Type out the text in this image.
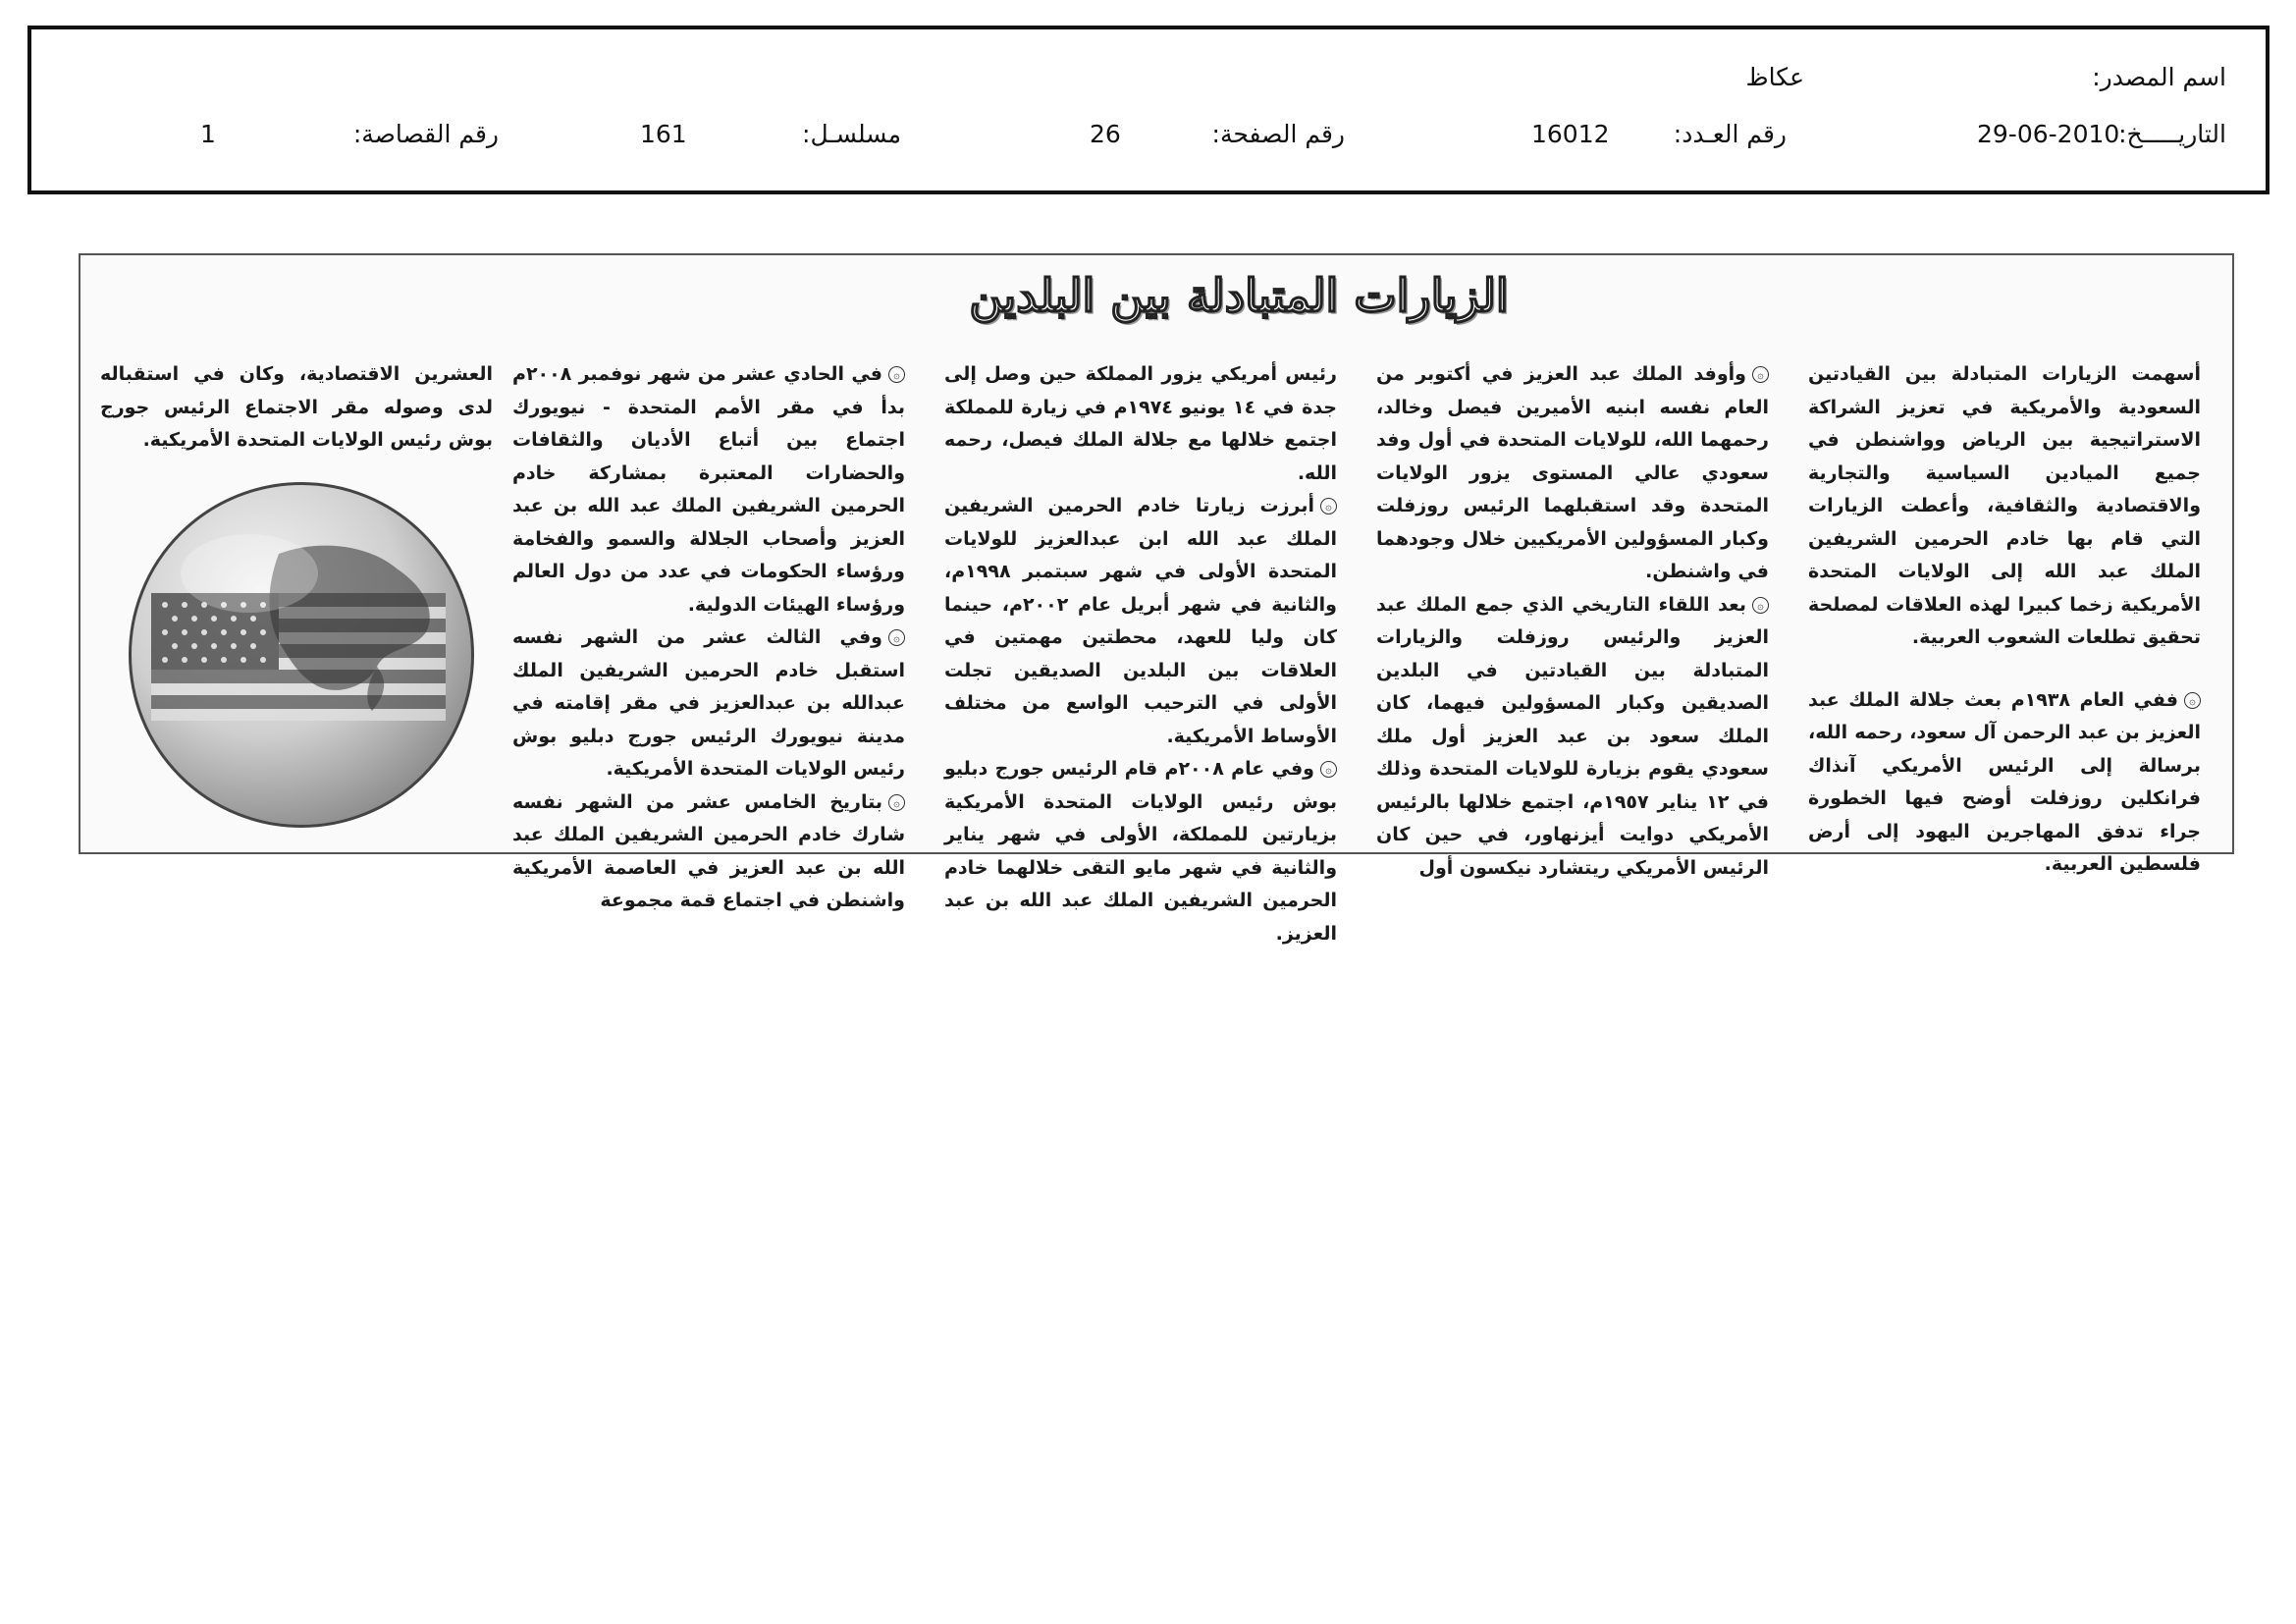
اسم المصدر:
عكاظ
التاريـــــخ:
29-06-2010
رقم العـدد:
16012
رقم الصفحة:
26
مسلسـل:
161
رقم القصاصة:
1
الزيارات المتبادلة بين البلدين

أسهمت الزيارات المتبادلة بين القيادتين السعودية والأمريكية في تعزيز الشراكة الاستراتيجية بين الرياض وواشنطن في جميع الميادين السياسية والتجارية والاقتصادية والثقافية، وأعطت الزيارات التي قام بها خادم الحرمين الشريفين الملك عبد الله إلى الولايات المتحدة الأمريكية زخما كبيرا لهذه العلاقات لمصلحة تحقيق تطلعات الشعوب العربية.

۞ففي العام ١٩٣٨م بعث جلالة الملك عبد العزيز بن عبد الرحمن آل سعود، رحمه الله، برسالة إلى الرئيس الأمريكي آنذاك فرانكلين روزفلت أوضح فيها الخطورة جراء تدفق المهاجرين اليهود إلى أرض فلسطين العربية.

۞وأوفد الملك عبد العزيز في أكتوبر من العام نفسه ابنيه الأميرين فيصل وخالد، رحمهما الله، للولايات المتحدة في أول وفد سعودي عالي المستوى يزور الولايات المتحدة وقد استقبلهما الرئيس روزفلت وكبار المسؤولين الأمريكيين خلال وجودهما في واشنطن.

۞بعد اللقاء التاريخي الذي جمع الملك عبد العزيز والرئيس روزفلت والزيارات المتبادلة بين القيادتين في البلدين الصديقين وكبار المسؤولين فيهما، كان الملك سعود بن عبد العزيز أول ملك سعودي يقوم بزيارة للولايات المتحدة وذلك في ١٢ يناير ١٩٥٧م، اجتمع خلالها بالرئيس الأمريكي دوايت أيزنهاور، في حين كان الرئيس الأمريكي ريتشارد نيكسون أول

رئيس أمريكي يزور المملكة حين وصل إلى جدة في ١٤ يونيو ١٩٧٤م في زيارة للمملكة اجتمع خلالها مع جلالة الملك فيصل، رحمه الله.

۞أبرزت زيارتا خادم الحرمين الشريفين الملك عبد الله ابن عبدالعزيز للولايات المتحدة الأولى في شهر سبتمبر ١٩٩٨م، والثانية في شهر أبريل عام ٢٠٠٢م، حينما كان وليا للعهد، محطتين مهمتين في العلاقات بين البلدين الصديقين تجلت الأولى في الترحيب الواسع من مختلف الأوساط الأمريكية.

۞وفي عام ٢٠٠٨م قام الرئيس جورج دبليو بوش رئيس الولايات المتحدة الأمريكية بزيارتين للمملكة، الأولى في شهر يناير والثانية في شهر مايو التقى خلالهما خادم الحرمين الشريفين الملك عبد الله بن عبد العزيز.

۞في الحادي عشر من شهر نوفمبر ٢٠٠٨م بدأ في مقر الأمم المتحدة - نيويورك اجتماع بين أتباع الأديان والثقافات والحضارات المعتبرة بمشاركة خادم الحرمين الشريفين الملك عبد الله بن عبد العزيز وأصحاب الجلالة والسمو والفخامة ورؤساء الحكومات في عدد من دول العالم ورؤساء الهيئات الدولية.

۞وفي الثالث عشر من الشهر نفسه استقبل خادم الحرمين الشريفين الملك عبدالله بن عبدالعزيز في مقر إقامته في مدينة نيويورك الرئيس جورج دبليو بوش رئيس الولايات المتحدة الأمريكية.

۞بتاريخ الخامس عشر من الشهر نفسه شارك خادم الحرمين الشريفين الملك عبد الله بن عبد العزيز في العاصمة الأمريكية واشنطن في اجتماع قمة مجموعة

العشرين الاقتصادية، وكان في استقباله لدى وصوله مقر الاجتماع الرئيس جورج بوش رئيس الولايات المتحدة الأمريكية.
